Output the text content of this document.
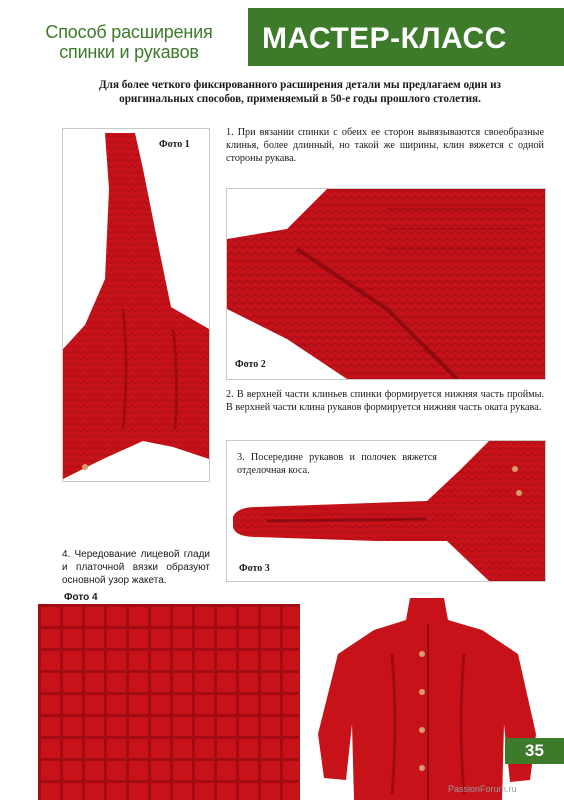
Способ расширения
спинки и рукавов	МАСТЕР-КЛАСС
Для более четкого фиксированного расширения детали мы предлагаем один из оригинальных способов, применяемый в 50-е годы прошлого столетия.
Фото 1
1. При вязании спинки с обеих ее сторон вывязываются своеобразные клинья, более длинный, но такой же ширины, клин вяжется с одной стороны рукава.
Фото 2
2. В верхней части клиньев спинки формируется нижняя часть проймы. В верхней части клина рукавов формируется нижняя часть оката рукава.
3. Посередине рукавов и полочек вяжется отделочная коса.
Фото 3
4. Чередование лицевой глади и платочной вязки образуют основной узор жакета.
Фото 4
35
PassionForum.ru
